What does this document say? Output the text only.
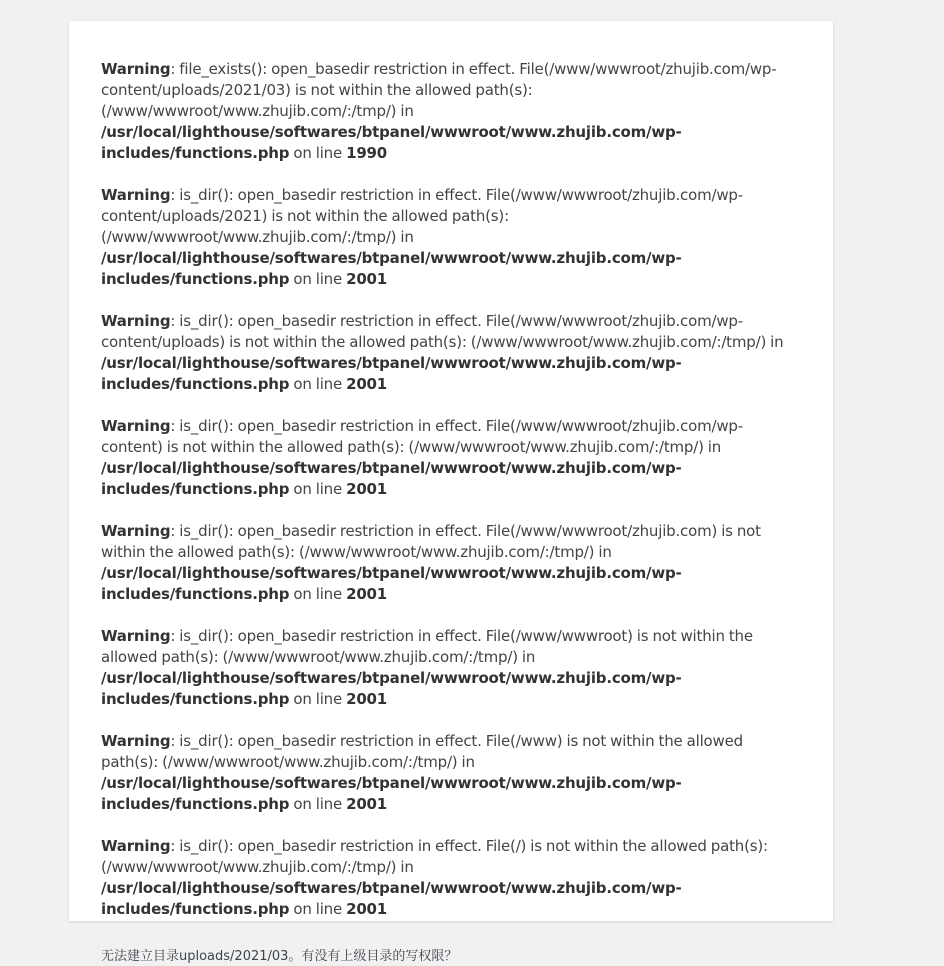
Warning: file_exists(): open_basedir restriction in effect. File(/www/wwwroot/zhujib.com/wp-content/uploads/2021/03) is not within the allowed path(s): (/www/wwwroot/www.zhujib.com/:/tmp/) in /usr/local/lighthouse/softwares/btpanel/wwwroot/www.zhujib.com/wp-includes/functions.php on line 1990
Warning: is_dir(): open_basedir restriction in effect. File(/www/wwwroot/zhujib.com/wp-content/uploads/2021) is not within the allowed path(s): (/www/wwwroot/www.zhujib.com/:/tmp/) in /usr/local/lighthouse/softwares/btpanel/wwwroot/www.zhujib.com/wp-includes/functions.php on line 2001
Warning: is_dir(): open_basedir restriction in effect. File(/www/wwwroot/zhujib.com/wp-content/uploads) is not within the allowed path(s): (/www/wwwroot/www.zhujib.com/:/tmp/) in /usr/local/lighthouse/softwares/btpanel/wwwroot/www.zhujib.com/wp-includes/functions.php on line 2001
Warning: is_dir(): open_basedir restriction in effect. File(/www/wwwroot/zhujib.com/wp-content) is not within the allowed path(s): (/www/wwwroot/www.zhujib.com/:/tmp/) in /usr/local/lighthouse/softwares/btpanel/wwwroot/www.zhujib.com/wp-includes/functions.php on line 2001
Warning: is_dir(): open_basedir restriction in effect. File(/www/wwwroot/zhujib.com) is not within the allowed path(s): (/www/wwwroot/www.zhujib.com/:/tmp/) in /usr/local/lighthouse/softwares/btpanel/wwwroot/www.zhujib.com/wp-includes/functions.php on line 2001
Warning: is_dir(): open_basedir restriction in effect. File(/www/wwwroot) is not within the allowed path(s): (/www/wwwroot/www.zhujib.com/:/tmp/) in /usr/local/lighthouse/softwares/btpanel/wwwroot/www.zhujib.com/wp-includes/functions.php on line 2001
Warning: is_dir(): open_basedir restriction in effect. File(/www) is not within the allowed path(s): (/www/wwwroot/www.zhujib.com/:/tmp/) in /usr/local/lighthouse/softwares/btpanel/wwwroot/www.zhujib.com/wp-includes/functions.php on line 2001
Warning: is_dir(): open_basedir restriction in effect. File(/) is not within the allowed path(s): (/www/wwwroot/www.zhujib.com/:/tmp/) in /usr/local/lighthouse/softwares/btpanel/wwwroot/www.zhujib.com/wp-includes/functions.php on line 2001

无法建立目录uploads/2021/03。有没有上级目录的写权限？
